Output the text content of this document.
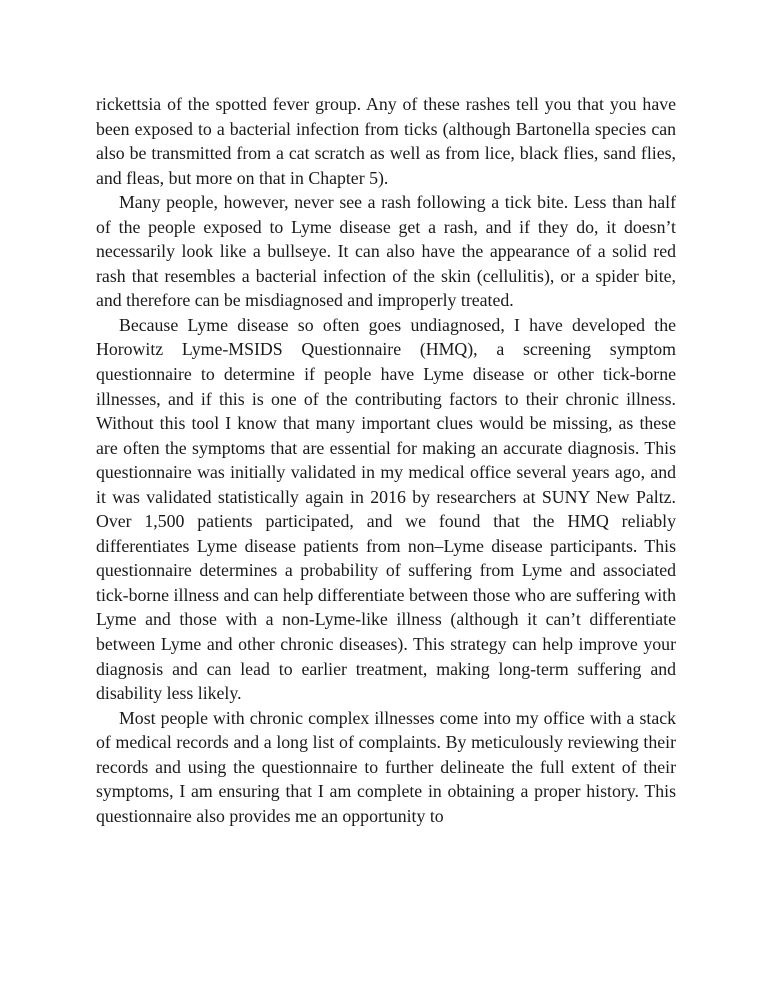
rickettsia of the spotted fever group. Any of these rashes tell you that you have been exposed to a bacterial infection from ticks (although Bartonella species can also be transmitted from a cat scratch as well as from lice, black flies, sand flies, and fleas, but more on that in Chapter 5).

Many people, however, never see a rash following a tick bite. Less than half of the people exposed to Lyme disease get a rash, and if they do, it doesn’t necessarily look like a bullseye. It can also have the appearance of a solid red rash that resembles a bacterial infection of the skin (cellulitis), or a spider bite, and therefore can be misdiagnosed and improperly treated.

Because Lyme disease so often goes undiagnosed, I have developed the Horowitz Lyme-MSIDS Questionnaire (HMQ), a screening symptom questionnaire to determine if people have Lyme disease or other tick-borne illnesses, and if this is one of the contributing factors to their chronic illness. Without this tool I know that many important clues would be missing, as these are often the symptoms that are essential for making an accurate diagnosis. This questionnaire was initially validated in my medical office several years ago, and it was validated statistically again in 2016 by researchers at SUNY New Paltz. Over 1,500 patients participated, and we found that the HMQ reliably differentiates Lyme disease patients from non–Lyme disease participants. This questionnaire determines a probability of suffering from Lyme and associated tick-borne illness and can help differentiate between those who are suffering with Lyme and those with a non-Lyme-like illness (although it can’t differentiate between Lyme and other chronic diseases). This strategy can help improve your diagnosis and can lead to earlier treatment, making long-term suffering and disability less likely.

Most people with chronic complex illnesses come into my office with a stack of medical records and a long list of complaints. By meticulously reviewing their records and using the questionnaire to further delineate the full extent of their symptoms, I am ensuring that I am complete in obtaining a proper history. This questionnaire also provides me an opportunity to
